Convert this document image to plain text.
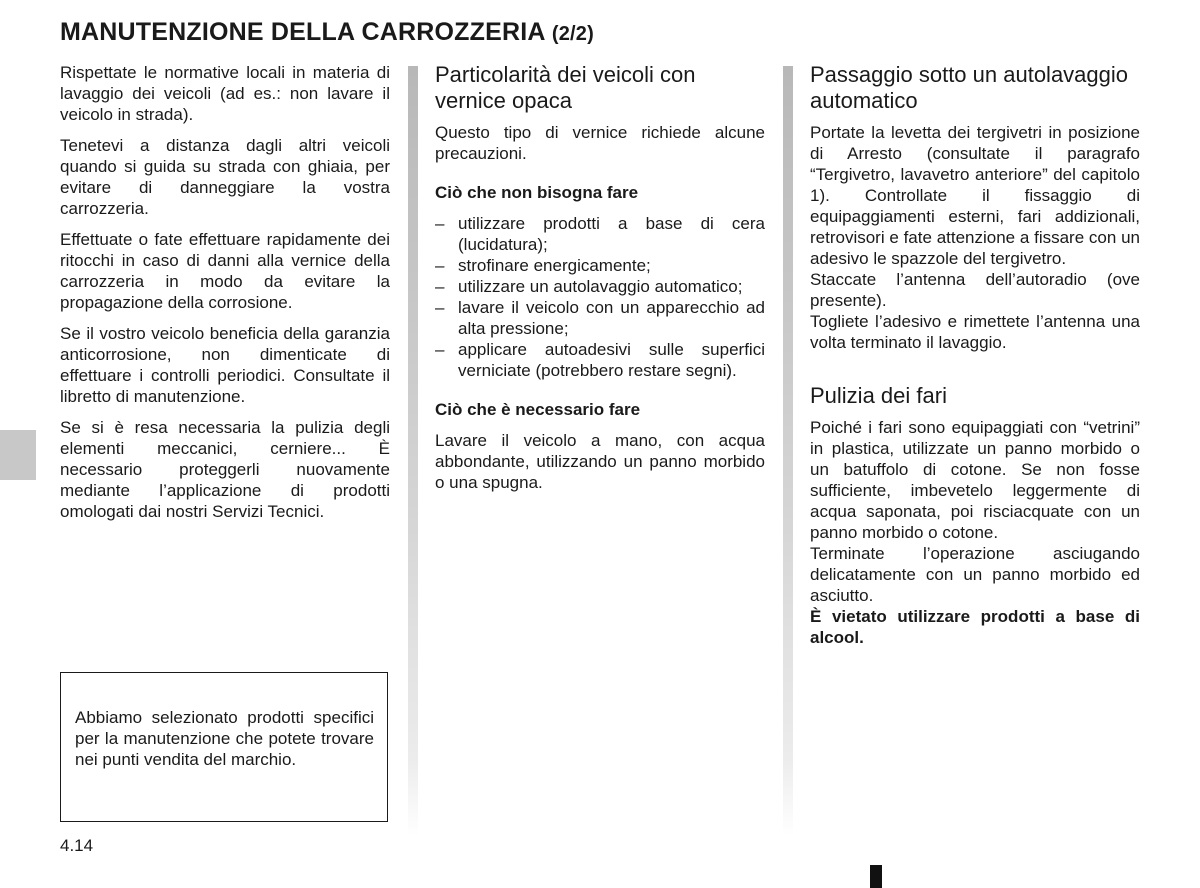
MANUTENZIONE DELLA CARROZZERIA (2/2)

Rispettate le normative locali in materia di lavaggio dei veicoli (ad es.: non lavare il veicolo in strada).

Tenetevi a distanza dagli altri veicoli quando si guida su strada con ghiaia, per evitare di danneggiare la vostra carrozzeria.

Effettuate o fate effettuare rapidamente dei ritocchi in caso di danni alla vernice della carrozzeria in modo da evitare la propagazione della corrosione.

Se il vostro veicolo beneficia della garanzia anticorrosione, non dimenticate di effettuare i controlli periodici. Consultate il libretto di manutenzione.

Se si è resa necessaria la pulizia degli elementi meccanici, cerniere... È necessario proteggerli nuovamente mediante l’applicazione di prodotti omologati dai nostri Servizi Tecnici.

Abbiamo selezionato prodotti specifici per la manutenzione che potete trovare nei punti vendita del marchio.

Particolarità dei veicoli con vernice opaca

Questo tipo di vernice richiede alcune precauzioni.

Ciò che non bisogna fare
– utilizzare prodotti a base di cera (lucidatura);
– strofinare energicamente;
– utilizzare un autolavaggio automatico;
– lavare il veicolo con un apparecchio ad alta pressione;
– applicare autoadesivi sulle superfici verniciate (potrebbero restare segni).
Ciò che è necessario fare

Lavare il veicolo a mano, con acqua abbondante, utilizzando un panno morbido o una spugna.

Passaggio sotto un autolavaggio automatico

Portate la levetta dei tergivetri in posizione di Arresto (consultate il paragrafo “Tergivetro, lavavetro anteriore” del capitolo 1). Controllate il fissaggio di equipaggiamenti esterni, fari addizionali, retrovisori e fate attenzione a fissare con un adesivo le spazzole del tergivetro.

Staccate l’antenna dell’autoradio (ove presente).

Togliete l’adesivo e rimettete l’antenna una volta terminato il lavaggio.

Pulizia dei fari

Poiché i fari sono equipaggiati con “vetrini” in plastica, utilizzate un panno morbido o un batuffolo di cotone. Se non fosse sufficiente, imbevetelo leggermente di acqua saponata, poi risciacquate con un panno morbido o cotone.

Terminate l’operazione asciugando delicatamente con un panno morbido ed asciutto.

È vietato utilizzare prodotti a base di alcool.

4.14
